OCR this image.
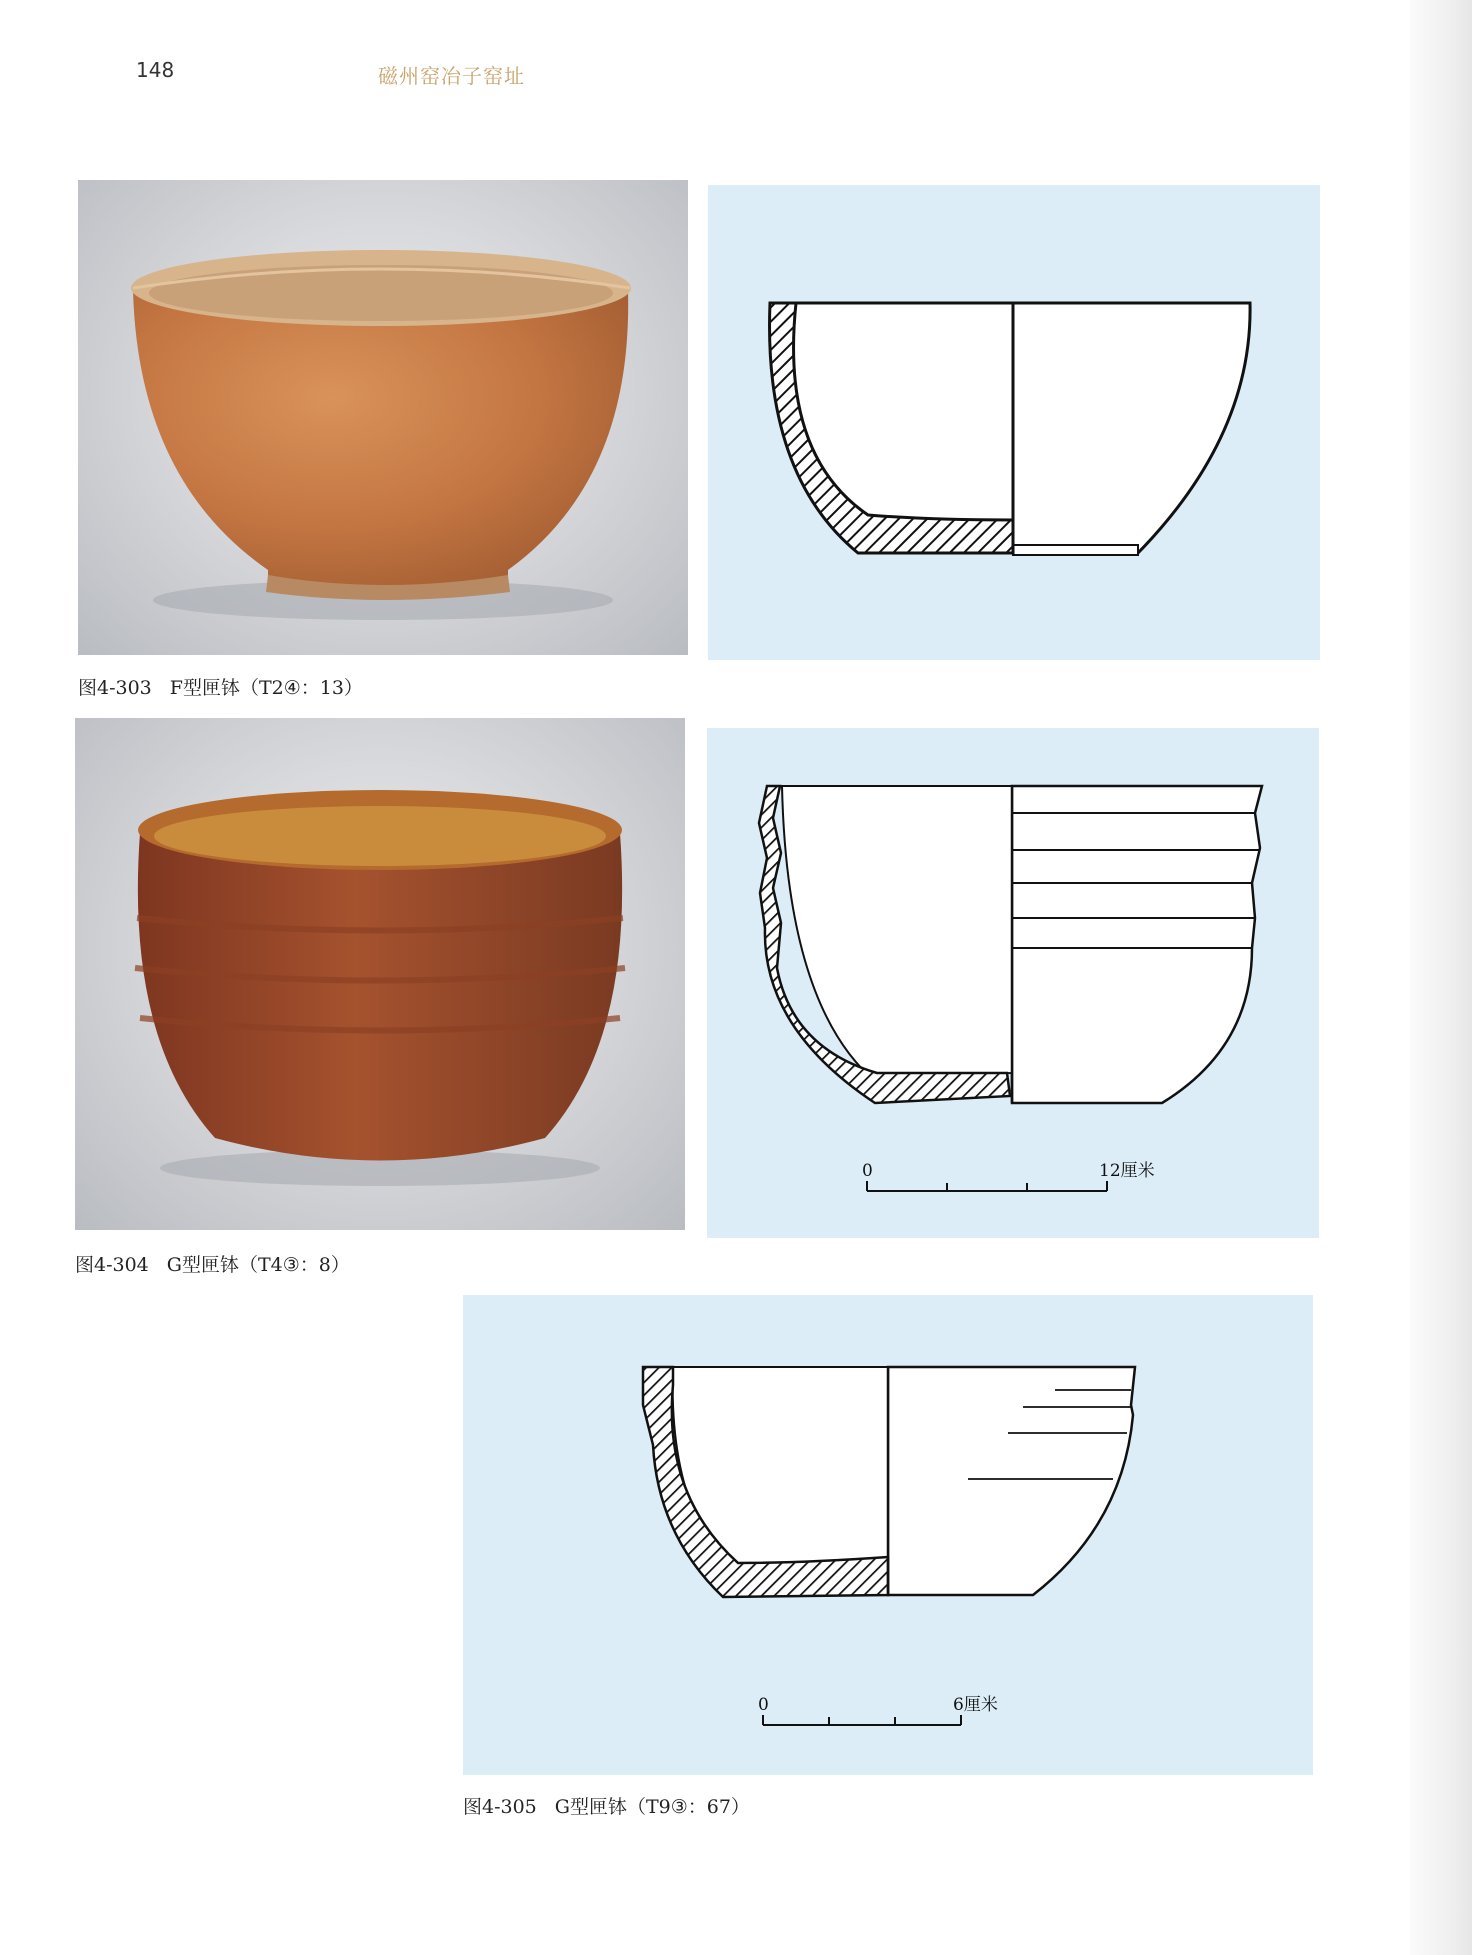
148	磁州窑冶子窑址
图4-303 F型匣钵（T2④：13）
0	12厘米
图4-304 G型匣钵（T4③：8）
0	6厘米
图4-305 G型匣钵（T9③：67）
